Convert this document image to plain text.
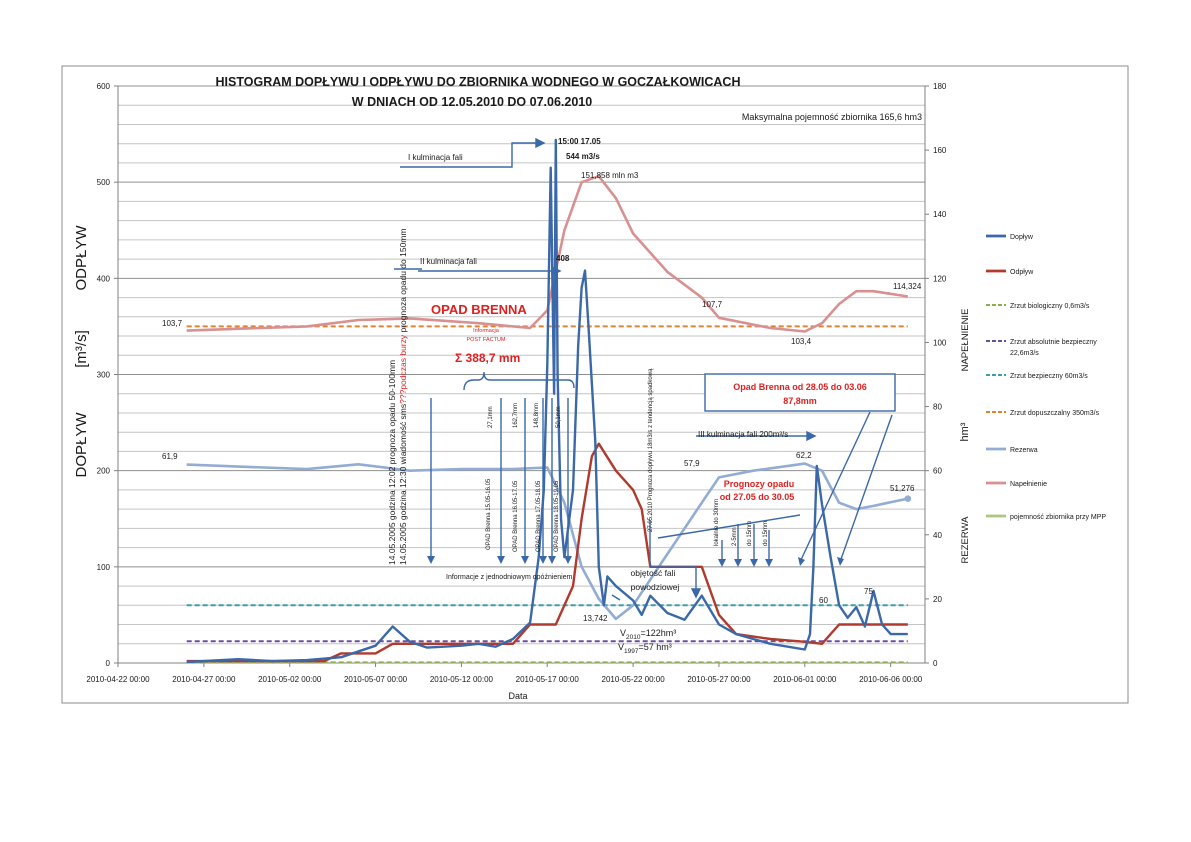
0
100
200
300
400
500
600
0
20
40
60
80
100
120
140
160
180
2010-04-22 00:00	2010-04-27 00:00	2010-05-02 00:00	2010-05-07 00:00	2010-05-12 00:00	2010-05-17 00:00	2010-05-22 00:00	2010-05-27 00:00	2010-06-01 00:00	2010-06-06 00:00
Dopływ
Odpływ
Zrzut biologiczny 0,6m3/s
Zrzut absolutnie bezpieczny 22,6m3/s
Zrzut bezpieczny 60m3/s
Zrzut dopuszczalny 350m3/s
Rezerwa
Napełnienie
pojemność zbiornika przy MPP
HISTOGRAM DOPŁYWU I ODPŁYWU DO ZBIORNIKA WODNEGO W GOCZAŁKOWICACH
W DNIACH OD 12.05.2010 DO 07.06.2010
Data
ODPŁYW
[m³/s]
DOPŁYW
NAPEŁNIENIE
hm³
REZERWA
Opad Brenna od 28.05 do 03.06
87,8mm
Maksymalna pojemność zbiornika 165,6 hm3
15:00 17.05
544 m3/s
151,858 mln m3
I kulminacja fali
II kulminacja fali
III kulminacja fali 200m³/s
408
OPAD BRENNA
Informacja
POST FACTUM
Σ 388,7 mm
103,7
61,9
107,7
103,4
114,324
57,9
62,2
51,276
13,742
60
75
Prognozy opadu
od 27.05 do 30.05
objętość fali
powodziowej
$V_{2010}=122hm^3$
$V_{1997}=57$ hm³
Informacje z jednodniowym opóźnieniem
14.05.2005 godzina 12:02 prognoza opadu 50-100mm 14.05.2005 godzina 12:30 wiadomość sms???podczas burzy prognoza opadu do 150mm
27,1mm	162,7mm	148,8mm	50,1mm
OPAD Brenna 15.05-16.05	OPAD Brenna 16.05-17.05	OPAD Brenna 17.05-18.05 OPAD Brenna 18.05-19.05	27.05.2010 Prognoza dopływu 18m3/s z tendencją spadkową	lokalnie do 30mm 2-5mm do 15mm do 15mm
